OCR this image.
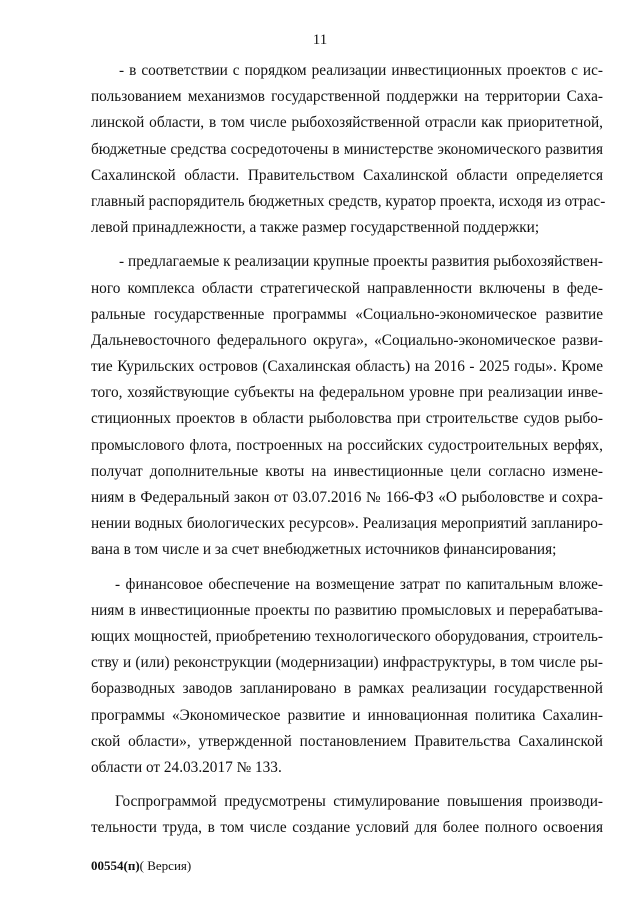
11
- в соответствии с порядком реализации инвестиционных проектов с ис-
пользованием механизмов государственной поддержки на территории Саха-
линской области, в том числе рыбохозяйственной отрасли как приоритетной,
бюджетные средства сосредоточены в министерстве экономического развития
Сахалинской области. Правительством Сахалинской области определяется
главный распорядитель бюджетных средств, куратор проекта, исходя из отрас-
левой принадлежности, а также размер государственной поддержки;
- предлагаемые к реализации крупные проекты развития рыбохозяйствен-
ного комплекса области стратегической направленности включены в феде-
ральные государственные программы «Социально-экономическое развитие
Дальневосточного федерального округа», «Социально-экономическое разви-
тие Курильских островов (Сахалинская область) на 2016 - 2025 годы». Кроме
того, хозяйствующие субъекты на федеральном уровне при реализации инве-
стиционных проектов в области рыболовства при строительстве судов рыбо-
промыслового флота, построенных на российских судостроительных верфях,
получат дополнительные квоты на инвестиционные цели согласно измене-
ниям в Федеральный закон от 03.07.2016 № 166-ФЗ «О рыболовстве и сохра-
нении водных биологических ресурсов». Реализация мероприятий запланиро-
вана в том числе и за счет внебюджетных источников финансирования;
- финансовое обеспечение на возмещение затрат по капитальным вложе-
ниям в инвестиционные проекты по развитию промысловых и перерабатыва-
ющих мощностей, приобретению технологического оборудования, строитель-
ству и (или) реконструкции (модернизации) инфраструктуры, в том числе ры-
боразводных заводов запланировано в рамках реализации государственной
программы «Экономическое развитие и инновационная политика Сахалин-
ской области», утвержденной постановлением Правительства Сахалинской
области от 24.03.2017 № 133.
Госпрограммой предусмотрены стимулирование повышения производи-
тельности труда, в том числе создание условий для более полного освоения
00554(п)( Версия)
